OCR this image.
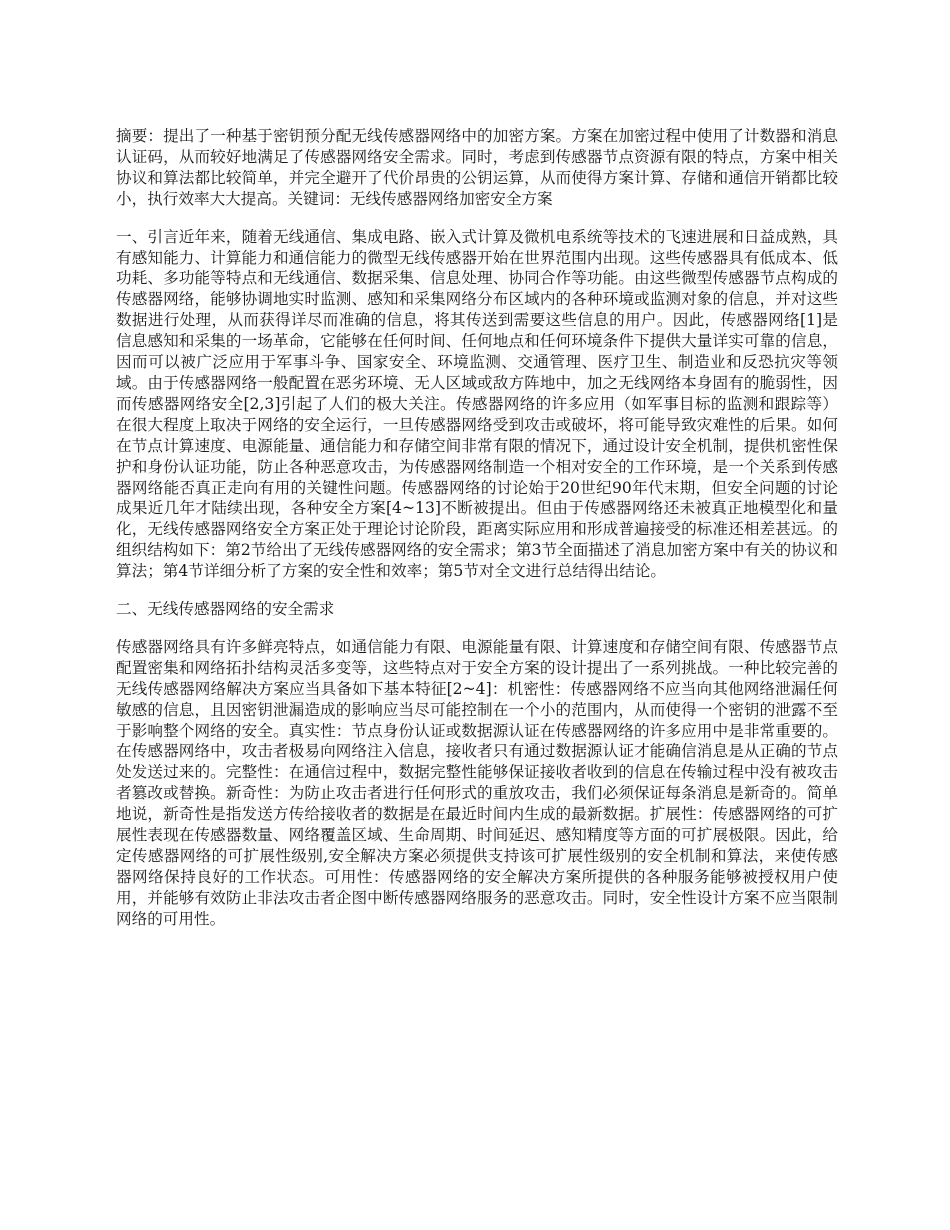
摘要：提出了一种基于密钥预分配无线传感器网络中的加密方案。方案在加密过程中使用了计数器和消息认证码，从而较好地满足了传感器网络安全需求。同时，考虑到传感器节点资源有限的特点，方案中相关协议和算法都比较简单，并完全避开了代价昂贵的公钥运算，从而使得方案计算、存储和通信开销都比较小，执行效率大大提高。关键词：无线传感器网络加密安全方案

一、引言近年来，随着无线通信、集成电路、嵌入式计算及微机电系统等技术的飞速进展和日益成熟，具有感知能力、计算能力和通信能力的微型无线传感器开始在世界范围内出现。这些传感器具有低成本、低功耗、多功能等特点和无线通信、数据采集、信息处理、协同合作等功能。由这些微型传感器节点构成的传感器网络，能够协调地实时监测、感知和采集网络分布区域内的各种环境或监测对象的信息，并对这些数据进行处理，从而获得详尽而准确的信息，将其传送到需要这些信息的用户。因此，传感器网络[1]是信息感知和采集的一场革命，它能够在任何时间、任何地点和任何环境条件下提供大量详实可靠的信息，因而可以被广泛应用于军事斗争、国家安全、环境监测、交通管理、医疗卫生、制造业和反恐抗灾等领域。由于传感器网络一般配置在恶劣环境、无人区域或敌方阵地中，加之无线网络本身固有的脆弱性，因而传感器网络安全[2,3]引起了人们的极大关注。传感器网络的许多应用（如军事目标的监测和跟踪等）在很大程度上取决于网络的安全运行，一旦传感器网络受到攻击或破坏，将可能导致灾难性的后果。如何在节点计算速度、电源能量、通信能力和存储空间非常有限的情况下，通过设计安全机制，提供机密性保护和身份认证功能，防止各种恶意攻击，为传感器网络制造一个相对安全的工作环境，是一个关系到传感器网络能否真正走向有用的关键性问题。传感器网络的讨论始于20世纪90年代末期，但安全问题的讨论成果近几年才陆续出现，各种安全方案[4~13]不断被提出。但由于传感器网络还未被真正地模型化和量化，无线传感器网络安全方案正处于理论讨论阶段，距离实际应用和形成普遍接受的标准还相差甚远。的组织结构如下：第2节给出了无线传感器网络的安全需求；第3节全面描述了消息加密方案中有关的协议和算法；第4节详细分析了方案的安全性和效率；第5节对全文进行总结得出结论。

二、无线传感器网络的安全需求

传感器网络具有许多鲜亮特点，如通信能力有限、电源能量有限、计算速度和存储空间有限、传感器节点配置密集和网络拓扑结构灵活多变等，这些特点对于安全方案的设计提出了一系列挑战。一种比较完善的无线传感器网络解决方案应当具备如下基本特征[2~4]：机密性：传感器网络不应当向其他网络泄漏任何敏感的信息，且因密钥泄漏造成的影响应当尽可能控制在一个小的范围内，从而使得一个密钥的泄露不至于影响整个网络的安全。真实性：节点身份认证或数据源认证在传感器网络的许多应用中是非常重要的。在传感器网络中，攻击者极易向网络注入信息，接收者只有通过数据源认证才能确信消息是从正确的节点处发送过来的。完整性：在通信过程中，数据完整性能够保证接收者收到的信息在传输过程中没有被攻击者篡改或替换。新奇性：为防止攻击者进行任何形式的重放攻击，我们必须保证每条消息是新奇的。简单地说，新奇性是指发送方传给接收者的数据是在最近时间内生成的最新数据。扩展性：传感器网络的可扩展性表现在传感器数量、网络覆盖区域、生命周期、时间延迟、感知精度等方面的可扩展极限。因此，给定传感器网络的可扩展性级别,安全解决方案必须提供支持该可扩展性级别的安全机制和算法，来使传感器网络保持良好的工作状态。可用性：传感器网络的安全解决方案所提供的各种服务能够被授权用户使用，并能够有效防止非法攻击者企图中断传感器网络服务的恶意攻击。同时，安全性设计方案不应当限制网络的可用性。
